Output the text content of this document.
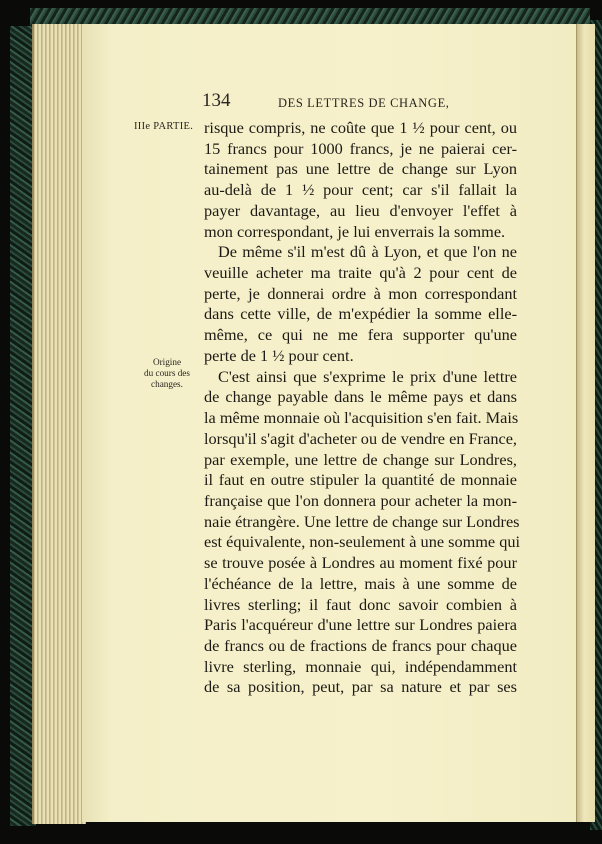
134	DES LETTRES DE CHANGE,
IIIe PARTIE.
Origine
du cours des
changes.
risque compris, ne coûte que 1 ½ pour cent, ou
15 francs pour 1000 francs, je ne paierai cer-
tainement pas une lettre de change sur Lyon
au-delà de 1 ½ pour cent; car s'il fallait la
payer davantage, au lieu d'envoyer l'effet à
mon correspondant, je lui enverrais la somme.
De même s'il m'est dû à Lyon, et que l'on ne
veuille acheter ma traite qu'à 2 pour cent de
perte, je donnerai ordre à mon correspondant
dans cette ville, de m'expédier la somme elle-
même, ce qui ne me fera supporter qu'une
perte de 1 ½ pour cent.
C'est ainsi que s'exprime le prix d'une lettre
de change payable dans le même pays et dans
la même monnaie où l'acquisition s'en fait. Mais
lorsqu'il s'agit d'acheter ou de vendre en France,
par exemple, une lettre de change sur Londres,
il faut en outre stipuler la quantité de monnaie
française que l'on donnera pour acheter la mon-
naie étrangère. Une lettre de change sur Londres
est équivalente, non-seulement à une somme qui
se trouve posée à Londres au moment fixé pour
l'échéance de la lettre, mais à une somme de
livres sterling; il faut donc savoir combien à
Paris l'acquéreur d'une lettre sur Londres paiera
de francs ou de fractions de francs pour chaque
livre sterling, monnaie qui, indépendamment
de sa position, peut, par sa nature et par ses
